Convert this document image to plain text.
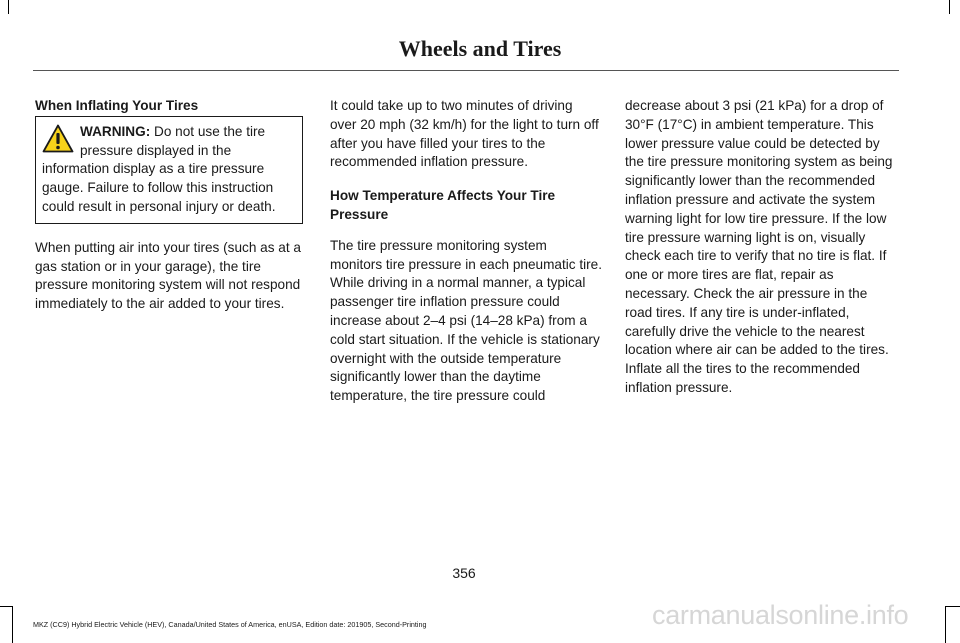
Wheels and Tires

When Inflating Your Tires

WARNING: Do not use the tire pressure displayed in the information display as a tire pressure gauge. Failure to follow this instruction could result in personal injury or death.

When putting air into your tires (such as at a gas station or in your garage), the tire pressure monitoring system will not respond immediately to the air added to your tires.

It could take up to two minutes of driving over 20 mph (32 km/h) for the light to turn off after you have filled your tires to the recommended inflation pressure.

How Temperature Affects Your Tire Pressure

The tire pressure monitoring system monitors tire pressure in each pneumatic tire. While driving in a normal manner, a typical passenger tire inflation pressure could increase about 2–4 psi (14–28 kPa) from a cold start situation. If the vehicle is stationary overnight with the outside temperature significantly lower than the daytime temperature, the tire pressure could

decrease about 3 psi (21 kPa) for a drop of 30°F (17°C) in ambient temperature. This lower pressure value could be detected by the tire pressure monitoring system as being significantly lower than the recommended inflation pressure and activate the system warning light for low tire pressure. If the low tire pressure warning light is on, visually check each tire to verify that no tire is flat. If one or more tires are flat, repair as necessary. Check the air pressure in the road tires. If any tire is under-inflated, carefully drive the vehicle to the nearest location where air can be added to the tires. Inflate all the tires to the recommended inflation pressure.

356
MKZ (CC9) Hybrid Electric Vehicle (HEV), Canada/United States of America, enUSA, Edition date: 201905, Second-Printing	carmanualsonline.info
